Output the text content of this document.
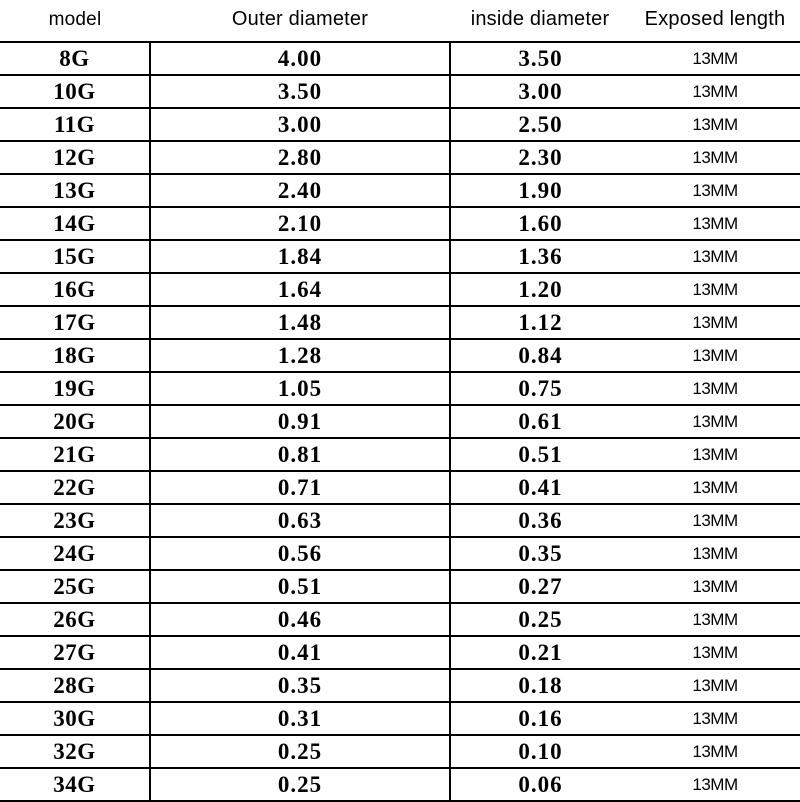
model	Outer diameter	inside diameter	Exposed length
8G	4.00	3.50	13MM
10G	3.50	3.00	13MM
11G	3.00	2.50	13MM
12G	2.80	2.30	13MM
13G	2.40	1.90	13MM
14G	2.10	1.60	13MM
15G	1.84	1.36	13MM
16G	1.64	1.20	13MM
17G	1.48	1.12	13MM
18G	1.28	0.84	13MM
19G	1.05	0.75	13MM
20G	0.91	0.61	13MM
21G	0.81	0.51	13MM
22G	0.71	0.41	13MM
23G	0.63	0.36	13MM
24G	0.56	0.35	13MM
25G	0.51	0.27	13MM
26G	0.46	0.25	13MM
27G	0.41	0.21	13MM
28G	0.35	0.18	13MM
30G	0.31	0.16	13MM
32G	0.25	0.10	13MM
34G	0.25	0.06	13MM
